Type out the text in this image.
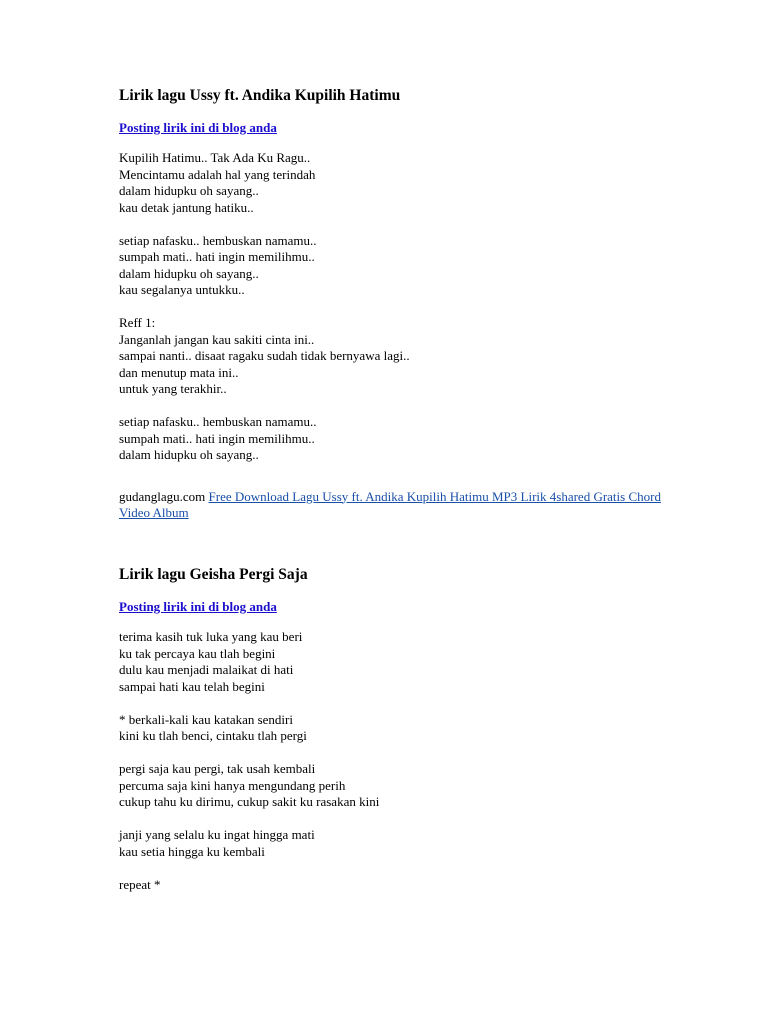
Lirik lagu Ussy ft. Andika Kupilih Hatimu
Posting lirik ini di blog anda

Kupilih Hatimu.. Tak Ada Ku Ragu..
Mencintamu adalah hal yang terindah
dalam hidupku oh sayang..
kau detak jantung hatiku..

setiap nafasku.. hembuskan namamu..
sumpah mati.. hati ingin memilihmu..
dalam hidupku oh sayang..
kau segalanya untukku..

Reff 1:
Janganlah jangan kau sakiti cinta ini..
sampai nanti.. disaat ragaku sudah tidak bernyawa lagi..
dan menutup mata ini..
untuk yang terakhir..

setiap nafasku.. hembuskan namamu..
sumpah mati.. hati ingin memilihmu..
dalam hidupku oh sayang..

gudanglagu.com Free Download Lagu Ussy ft. Andika Kupilih Hatimu MP3 Lirik 4shared Gratis Chord Video Album
Lirik lagu Geisha Pergi Saja
Posting lirik ini di blog anda

terima kasih tuk luka yang kau beri
ku tak percaya kau tlah begini
dulu kau menjadi malaikat di hati
sampai hati kau telah begini

* berkali-kali kau katakan sendiri
kini ku tlah benci, cintaku tlah pergi

pergi saja kau pergi, tak usah kembali
percuma saja kini hanya mengundang perih
cukup tahu ku dirimu, cukup sakit ku rasakan kini

janji yang selalu ku ingat hingga mati
kau setia hingga ku kembali

repeat *
